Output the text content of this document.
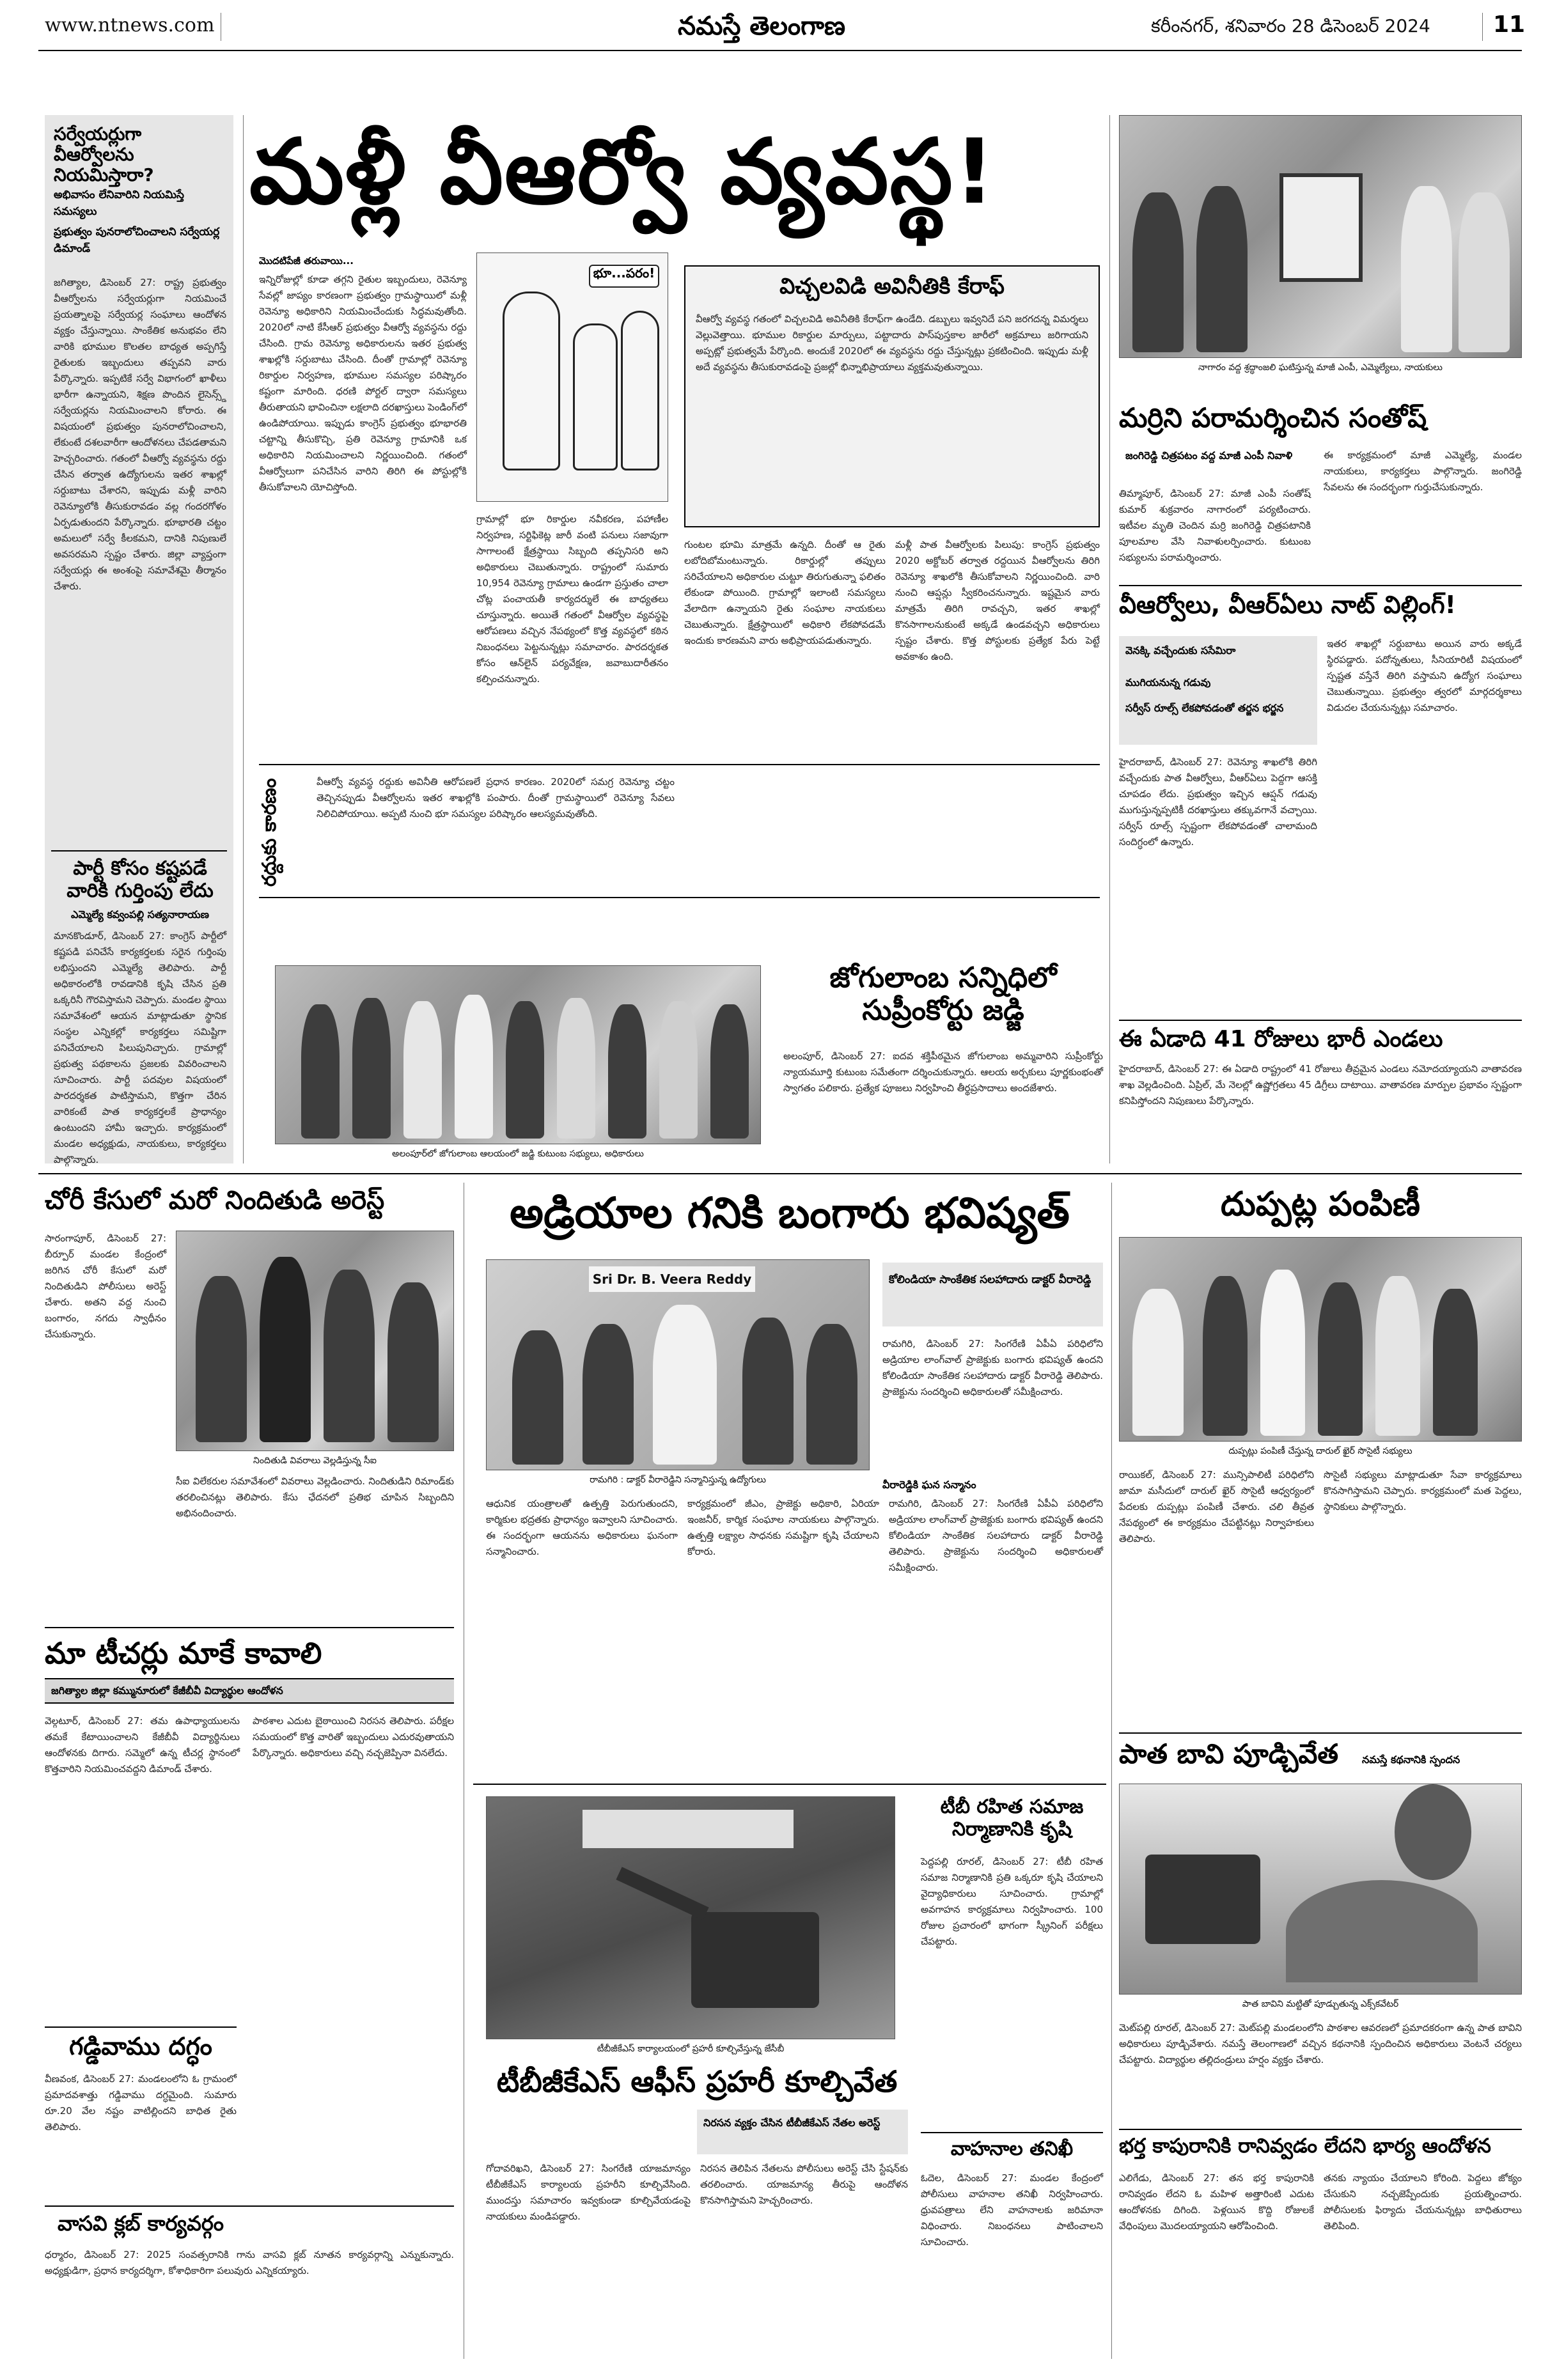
www.ntnews.com	నమస్తే తెలంగాణ	కరీంనగర్, శనివారం 28 డిసెంబర్ 2024	11
సర్వేయర్లుగా వీఆర్వోలను నియమిస్తారా?
అభివాసం లేనివారిని నియమిస్తే సమస్యలు
ప్రభుత్వం పునరాలోచించాలని సర్వేయర్ల డిమాండ్
జగిత్యాల, డిసెంబర్ 27: రాష్ట్ర ప్రభుత్వం వీఆర్వోలను సర్వేయర్లుగా నియమించే ప్రయత్నాలపై సర్వేయర్ల సంఘాలు ఆందోళన వ్యక్తం చేస్తున్నాయి. సాంకేతిక అనుభవం లేని వారికి భూముల కొలతల బాధ్యత అప్పగిస్తే రైతులకు ఇబ్బందులు తప్పవని వారు పేర్కొన్నారు. ఇప్పటికే సర్వే విభాగంలో ఖాళీలు భారీగా ఉన్నాయని, శిక్షణ పొందిన లైసెన్స్డ్ సర్వేయర్లను నియమించాలని కోరారు. ఈ విషయంలో ప్రభుత్వం పునరాలోచించాలని, లేకుంటే దశలవారీగా ఆందోళనలు చేపడతామని హెచ్చరించారు. గతంలో వీఆర్వో వ్యవస్థను రద్దు చేసిన తర్వాత ఉద్యోగులను ఇతర శాఖల్లో సర్దుబాటు చేశారని, ఇప్పుడు మళ్లీ వారిని రెవెన్యూలోకి తీసుకురావడం వల్ల గందరగోళం ఏర్పడుతుందని పేర్కొన్నారు. భూభారతి చట్టం అమలులో సర్వే కీలకమని, దానికి నిపుణులే అవసరమని స్పష్టం చేశారు. జిల్లా వ్యాప్తంగా సర్వేయర్లు ఈ అంశంపై సమావేశమై తీర్మానం చేశారు.
పార్టీ కోసం కష్టపడే వారికి గుర్తింపు లేదు
ఎమ్మెల్యే కవ్వంపల్లి సత్యనారాయణ
మానకొండూర్, డిసెంబర్ 27: కాంగ్రెస్ పార్టీలో కష్టపడి పనిచేసే కార్యకర్తలకు సరైన గుర్తింపు లభిస్తుందని ఎమ్మెల్యే తెలిపారు. పార్టీ అధికారంలోకి రావడానికి కృషి చేసిన ప్రతి ఒక్కరినీ గౌరవిస్తామని చెప్పారు. మండల స్థాయి సమావేశంలో ఆయన మాట్లాడుతూ స్థానిక సంస్థల ఎన్నికల్లో కార్యకర్తలు సమిష్టిగా పనిచేయాలని పిలుపునిచ్చారు. గ్రామాల్లో ప్రభుత్వ పథకాలను ప్రజలకు వివరించాలని సూచించారు. పార్టీ పదవుల విషయంలో పారదర్శకత పాటిస్తామని, కొత్తగా చేరిన వారికంటే పాత కార్యకర్తలకే ప్రాధాన్యం ఉంటుందని హామీ ఇచ్చారు. కార్యక్రమంలో మండల అధ్యక్షుడు, నాయకులు, కార్యకర్తలు పాల్గొన్నారు.
మళ్లీ వీఆర్వో వ్యవస్థ!
మొదటిపేజీ తరువాయి...
ఇన్నిరోజుల్లో కూడా తగ్గని రైతుల ఇబ్బందులు, రెవెన్యూ సేవల్లో జాప్యం కారణంగా ప్రభుత్వం గ్రామస్థాయిలో మళ్లీ రెవెన్యూ అధికారిని నియమించేందుకు సిద్ధమవుతోంది. 2020లో నాటి కేసీఆర్ ప్రభుత్వం వీఆర్వో వ్యవస్థను రద్దు చేసింది. గ్రామ రెవెన్యూ అధికారులను ఇతర ప్రభుత్వ శాఖల్లోకి సర్దుబాటు చేసింది. దీంతో గ్రామాల్లో రెవెన్యూ రికార్డుల నిర్వహణ, భూముల సమస్యల పరిష్కారం కష్టంగా మారింది. ధరణి పోర్టల్ ద్వారా సమస్యలు తీరుతాయని భావించినా లక్షలాది దరఖాస్తులు పెండింగ్‌లో ఉండిపోయాయి. ఇప్పుడు కాంగ్రెస్ ప్రభుత్వం భూభారతి చట్టాన్ని తీసుకొచ్చి, ప్రతి రెవెన్యూ గ్రామానికి ఒక అధికారిని నియమించాలని నిర్ణయించింది. గతంలో వీఆర్వోలుగా పనిచేసిన వారిని తిరిగి ఈ పోస్టుల్లోకి తీసుకోవాలని యోచిస్తోంది.
భూ...పరం!
గ్రామాల్లో భూ రికార్డుల నవీకరణ, పహాణీల నిర్వహణ, సర్టిఫికెట్ల జారీ వంటి పనులు సజావుగా సాగాలంటే క్షేత్రస్థాయి సిబ్బంది తప్పనిసరి అని అధికారులు చెబుతున్నారు. రాష్ట్రంలో సుమారు 10,954 రెవెన్యూ గ్రామాలు ఉండగా ప్రస్తుతం చాలా చోట్ల పంచాయతీ కార్యదర్శులే ఈ బాధ్యతలు చూస్తున్నారు. అయితే గతంలో వీఆర్వోల వ్యవస్థపై ఆరోపణలు వచ్చిన నేపథ్యంలో కొత్త వ్యవస్థలో కఠిన నిబంధనలు పెట్టనున్నట్లు సమాచారం. పారదర్శకత కోసం ఆన్‌లైన్ పర్యవేక్షణ, జవాబుదారీతనం కల్పించనున్నారు.
విచ్చలవిడి అవినీతికి కేరాఫ్
వీఆర్వో వ్యవస్థ గతంలో విచ్చలవిడి అవినీతికి కేరాఫ్‌గా ఉండేది. డబ్బులు ఇవ్వనిదే పని జరగదన్న విమర్శలు వెల్లువెత్తాయి. భూముల రికార్డుల మార్పులు, పట్టాదారు పాస్‌పుస్తకాల జారీలో అక్రమాలు జరిగాయని అప్పట్లో ప్రభుత్వమే పేర్కొంది. అందుకే 2020లో ఈ వ్యవస్థను రద్దు చేస్తున్నట్లు ప్రకటించింది. ఇప్పుడు మళ్లీ అదే వ్యవస్థను తీసుకురావడంపై ప్రజల్లో భిన్నాభిప్రాయాలు వ్యక్తమవుతున్నాయి.
గుంటల భూమి మాత్రమే ఉన్నది. దీంతో ఆ రైతు లబోదిబోమంటున్నారు. రికార్డుల్లో తప్పులు సరిచేయాలని అధికారుల చుట్టూ తిరుగుతున్నా ఫలితం లేకుండా పోయింది. గ్రామాల్లో ఇలాంటి సమస్యలు వేలాదిగా ఉన్నాయని రైతు సంఘాల నాయకులు చెబుతున్నారు. క్షేత్రస్థాయిలో అధికారి లేకపోవడమే ఇందుకు కారణమని వారు అభిప్రాయపడుతున్నారు.
మళ్లీ పాత వీఆర్వోలకు పిలుపు: కాంగ్రెస్ ప్రభుత్వం 2020 అక్టోబర్ తర్వాత రద్దయిన వీఆర్వోలను తిరిగి రెవెన్యూ శాఖలోకి తీసుకోవాలని నిర్ణయించింది. వారి నుంచి ఆప్షన్లు స్వీకరించనున్నారు. ఇష్టమైన వారు మాత్రమే తిరిగి రావచ్చని, ఇతర శాఖల్లో కొనసాగాలనుకుంటే అక్కడే ఉండవచ్చని అధికారులు స్పష్టం చేశారు. కొత్త పోస్టులకు ప్రత్యేక పేరు పెట్టే అవకాశం ఉంది.
రద్దుకు కారణం	వీఆర్వో వ్యవస్థ రద్దుకు అవినీతి ఆరోపణలే ప్రధాన కారణం. 2020లో సమగ్ర రెవెన్యూ చట్టం తెచ్చినప్పుడు వీఆర్వోలను ఇతర శాఖల్లోకి పంపారు. దీంతో గ్రామస్థాయిలో రెవెన్యూ సేవలు నిలిచిపోయాయి. అప్పటి నుంచి భూ సమస్యల పరిష్కారం ఆలస్యమవుతోంది.
అలంపూర్‌లో జోగులాంబ ఆలయంలో జడ్జి కుటుంబ సభ్యులు, అధికారులు
జోగులాంబ సన్నిధిలో సుప్రీంకోర్టు జడ్జి
అలంపూర్, డిసెంబర్ 27: ఐదవ శక్తిపీఠమైన జోగులాంబ అమ్మవారిని సుప్రీంకోర్టు న్యాయమూర్తి కుటుంబ సమేతంగా దర్శించుకున్నారు. ఆలయ అర్చకులు పూర్ణకుంభంతో స్వాగతం పలికారు. ప్రత్యేక పూజలు నిర్వహించి తీర్థప్రసాదాలు అందజేశారు.
నాగారం వద్ద శ్రద్ధాంజలి ఘటిస్తున్న మాజీ ఎంపీ, ఎమ్మెల్యేలు, నాయకులు
మర్రిని పరామర్శించిన సంతోష్
జంగిరెడ్డి చిత్రపటం వద్ద మాజీ ఎంపీ నివాళి
తిమ్మాపూర్, డిసెంబర్ 27: మాజీ ఎంపీ సంతోష్ కుమార్ శుక్రవారం నాగారంలో పర్యటించారు. ఇటీవల మృతి చెందిన మర్రి జంగిరెడ్డి చిత్రపటానికి పూలమాల వేసి నివాళులర్పించారు. కుటుంబ సభ్యులను పరామర్శించారు.
ఈ కార్యక్రమంలో మాజీ ఎమ్మెల్యే, మండల నాయకులు, కార్యకర్తలు పాల్గొన్నారు. జంగిరెడ్డి సేవలను ఈ సందర్భంగా గుర్తుచేసుకున్నారు.
వీఆర్వోలు, వీఆర్ఏలు నాట్ విల్లింగ్!
వెనక్కి వచ్చేందుకు ససేమిరా
ముగియనున్న గడువు
సర్వీస్ రూల్స్ లేకపోవడంతో తర్జన భర్జన
హైదరాబాద్, డిసెంబర్ 27: రెవెన్యూ శాఖలోకి తిరిగి వచ్చేందుకు పాత వీఆర్వోలు, వీఆర్ఏలు పెద్దగా ఆసక్తి చూపడం లేదు. ప్రభుత్వం ఇచ్చిన ఆప్షన్ గడువు ముగుస్తున్నప్పటికీ దరఖాస్తులు తక్కువగానే వచ్చాయి. సర్వీస్ రూల్స్ స్పష్టంగా లేకపోవడంతో చాలామంది సందిగ్ధంలో ఉన్నారు.
ఇతర శాఖల్లో సర్దుబాటు అయిన వారు అక్కడే స్థిరపడ్డారు. పదోన్నతులు, సీనియారిటీ విషయంలో స్పష్టత వస్తేనే తిరిగి వస్తామని ఉద్యోగ సంఘాలు చెబుతున్నాయి. ప్రభుత్వం త్వరలో మార్గదర్శకాలు విడుదల చేయనున్నట్లు సమాచారం.
ఈ ఏడాది 41 రోజులు భారీ ఎండలు
హైదరాబాద్, డిసెంబర్ 27: ఈ ఏడాది రాష్ట్రంలో 41 రోజులు తీవ్రమైన ఎండలు నమోదయ్యాయని వాతావరణ శాఖ వెల్లడించింది. ఏప్రిల్, మే నెలల్లో ఉష్ణోగ్రతలు 45 డిగ్రీలు దాటాయి. వాతావరణ మార్పుల ప్రభావం స్పష్టంగా కనిపిస్తోందని నిపుణులు పేర్కొన్నారు.
చోరీ కేసులో మరో నిందితుడి అరెస్ట్
సారంగాపూర్, డిసెంబర్ 27: బీర్పూర్ మండల కేంద్రంలో జరిగిన చోరీ కేసులో మరో నిందితుడిని పోలీసులు అరెస్ట్ చేశారు. అతని వద్ద నుంచి బంగారం, నగదు స్వాధీనం చేసుకున్నారు.
నిందితుడి వివరాలు వెల్లడిస్తున్న సీఐ
సీఐ విలేకరుల సమావేశంలో వివరాలు వెల్లడించారు. నిందితుడిని రిమాండ్‌కు తరలించినట్లు తెలిపారు. కేసు ఛేదనలో ప్రతిభ చూపిన సిబ్బందిని అభినందించారు.
మా టీచర్లు మాకే కావాలి
జగిత్యాల జిల్లా కమ్మునూరులో కేజీబీవీ విద్యార్థుల ఆందోళన
వెల్గటూర్, డిసెంబర్ 27: తమ ఉపాధ్యాయులను తమకే కేటాయించాలని కేజీబీవీ విద్యార్థినులు ఆందోళనకు దిగారు. సమ్మెలో ఉన్న టీచర్ల స్థానంలో కొత్తవారిని నియమించవద్దని డిమాండ్ చేశారు.
పాఠశాల ఎదుట బైఠాయించి నిరసన తెలిపారు. పరీక్షల సమయంలో కొత్త వారితో ఇబ్బందులు ఎదురవుతాయని పేర్కొన్నారు. అధికారులు వచ్చి నచ్చజెప్పినా వినలేదు.
గడ్డివాము దగ్ధం
వీణవంక, డిసెంబర్ 27: మండలంలోని ఓ గ్రామంలో ప్రమాదవశాత్తు గడ్డివాము దగ్ధమైంది. సుమారు రూ.20 వేల నష్టం వాటిల్లిందని బాధిత రైతు తెలిపారు.
వాసవి క్లబ్ కార్యవర్గం
ధర్మారం, డిసెంబర్ 27: 2025 సంవత్సరానికి గాను వాసవి క్లబ్ నూతన కార్యవర్గాన్ని ఎన్నుకున్నారు. అధ్యక్షుడిగా, ప్రధాన కార్యదర్శిగా, కోశాధికారిగా పలువురు ఎన్నికయ్యారు.
అడ్రియాల గనికి బంగారు భవిష్యత్
Sri Dr. B. Veera Reddy
రామగిరి : డాక్టర్ వీరారెడ్డిని సన్మానిస్తున్న ఉద్యోగులు
కోలిండియా సాంకేతిక సలహాదారు డాక్టర్ వీరారెడ్డి
రామగిరి, డిసెంబర్ 27: సింగరేణి ఏపీఏ పరిధిలోని అడ్రియాల లాంగ్‌వాల్ ప్రాజెక్టుకు బంగారు భవిష్యత్ ఉందని కోలిండియా సాంకేతిక సలహాదారు డాక్టర్ వీరారెడ్డి తెలిపారు. ప్రాజెక్టును సందర్శించి అధికారులతో సమీక్షించారు.
వీరారెడ్డికి ఘన సన్మానం
ఆధునిక యంత్రాలతో ఉత్పత్తి పెరుగుతుందని, కార్మికుల భద్రతకు ప్రాధాన్యం ఇవ్వాలని సూచించారు. ఈ సందర్భంగా ఆయనను అధికారులు ఘనంగా సన్మానించారు.
కార్యక్రమంలో జీఎం, ప్రాజెక్టు అధికారి, ఏరియా ఇంజనీర్, కార్మిక సంఘాల నాయకులు పాల్గొన్నారు. ఉత్పత్తి లక్ష్యాల సాధనకు సమష్టిగా కృషి చేయాలని కోరారు.
రామగిరి, డిసెంబర్ 27: సింగరేణి ఏపీఏ పరిధిలోని అడ్రియాల లాంగ్‌వాల్ ప్రాజెక్టుకు బంగారు భవిష్యత్ ఉందని కోలిండియా సాంకేతిక సలహాదారు డాక్టర్ వీరారెడ్డి తెలిపారు. ప్రాజెక్టును సందర్శించి అధికారులతో సమీక్షించారు.
టీబీజీకేఎస్ కార్యాలయంలో ప్రహరీ కూల్చివేస్తున్న జేసీబీ
టీబీజీకేఎస్ ఆఫీస్ ప్రహరీ కూల్చివేత
నిరసన వ్యక్తం చేసిన టీబీజీకేఎస్ నేతల అరెస్ట్
గోదావరిఖని, డిసెంబర్ 27: సింగరేణి యాజమాన్యం టీబీజీకేఎస్ కార్యాలయ ప్రహరీని కూల్చివేసింది. ముందస్తు సమాచారం ఇవ్వకుండా కూల్చివేయడంపై నాయకులు మండిపడ్డారు.
నిరసన తెలిపిన నేతలను పోలీసులు అరెస్ట్ చేసి స్టేషన్‌కు తరలించారు. యాజమాన్య తీరుపై ఆందోళన కొనసాగిస్తామని హెచ్చరించారు.
టీబీ రహిత సమాజ నిర్మాణానికి కృషి
పెద్దపల్లి రూరల్, డిసెంబర్ 27: టీబీ రహిత సమాజ నిర్మాణానికి ప్రతి ఒక్కరూ కృషి చేయాలని వైద్యాధికారులు సూచించారు. గ్రామాల్లో అవగాహన కార్యక్రమాలు నిర్వహించారు. 100 రోజుల ప్రచారంలో భాగంగా స్క్రీనింగ్ పరీక్షలు చేపట్టారు.
వాహనాల తనిఖీ
ఓదెల, డిసెంబర్ 27: మండల కేంద్రంలో పోలీసులు వాహనాల తనిఖీ నిర్వహించారు. ధ్రువపత్రాలు లేని వాహనాలకు జరిమానా విధించారు. నిబంధనలు పాటించాలని సూచించారు.
దుప్పట్ల పంపిణీ
దుప్పట్లు పంపిణీ చేస్తున్న దారుల్ ఖైర్ సొసైటీ సభ్యులు
రాయికల్, డిసెంబర్ 27: మున్సిపాలిటీ పరిధిలోని జామా మసీదులో దారుల్ ఖైర్ సొసైటీ ఆధ్వర్యంలో పేదలకు దుప్పట్లు పంపిణీ చేశారు. చలి తీవ్రత నేపథ్యంలో ఈ కార్యక్రమం చేపట్టినట్లు నిర్వాహకులు తెలిపారు.
సొసైటీ సభ్యులు మాట్లాడుతూ సేవా కార్యక్రమాలు కొనసాగిస్తామని చెప్పారు. కార్యక్రమంలో మత పెద్దలు, స్థానికులు పాల్గొన్నారు.
పాత బావి పూడ్చివేత	నమస్తే కథనానికి స్పందన
పాత బావిని మట్టితో పూడ్చుతున్న ఎక్స్‌కవేటర్
మెట్‌పల్లి రూరల్, డిసెంబర్ 27: మెట్‌పల్లి మండలంలోని పాఠశాల ఆవరణలో ప్రమాదకరంగా ఉన్న పాత బావిని అధికారులు పూడ్చివేశారు. నమస్తే తెలంగాణలో వచ్చిన కథనానికి స్పందించిన అధికారులు వెంటనే చర్యలు చేపట్టారు. విద్యార్థుల తల్లిదండ్రులు హర్షం వ్యక్తం చేశారు.
భర్త కాపురానికి రానివ్వడం లేదని భార్య ఆందోళన
ఎలిగేడు, డిసెంబర్ 27: తన భర్త కాపురానికి రానివ్వడం లేదని ఓ మహిళ అత్తారింటి ఎదుట ఆందోళనకు దిగింది. పెళ్లయిన కొద్ది రోజులకే వేధింపులు మొదలయ్యాయని ఆరోపించింది.
తనకు న్యాయం చేయాలని కోరింది. పెద్దలు జోక్యం చేసుకుని నచ్చజెప్పేందుకు ప్రయత్నించారు. పోలీసులకు ఫిర్యాదు చేయనున్నట్లు బాధితురాలు తెలిపింది.
